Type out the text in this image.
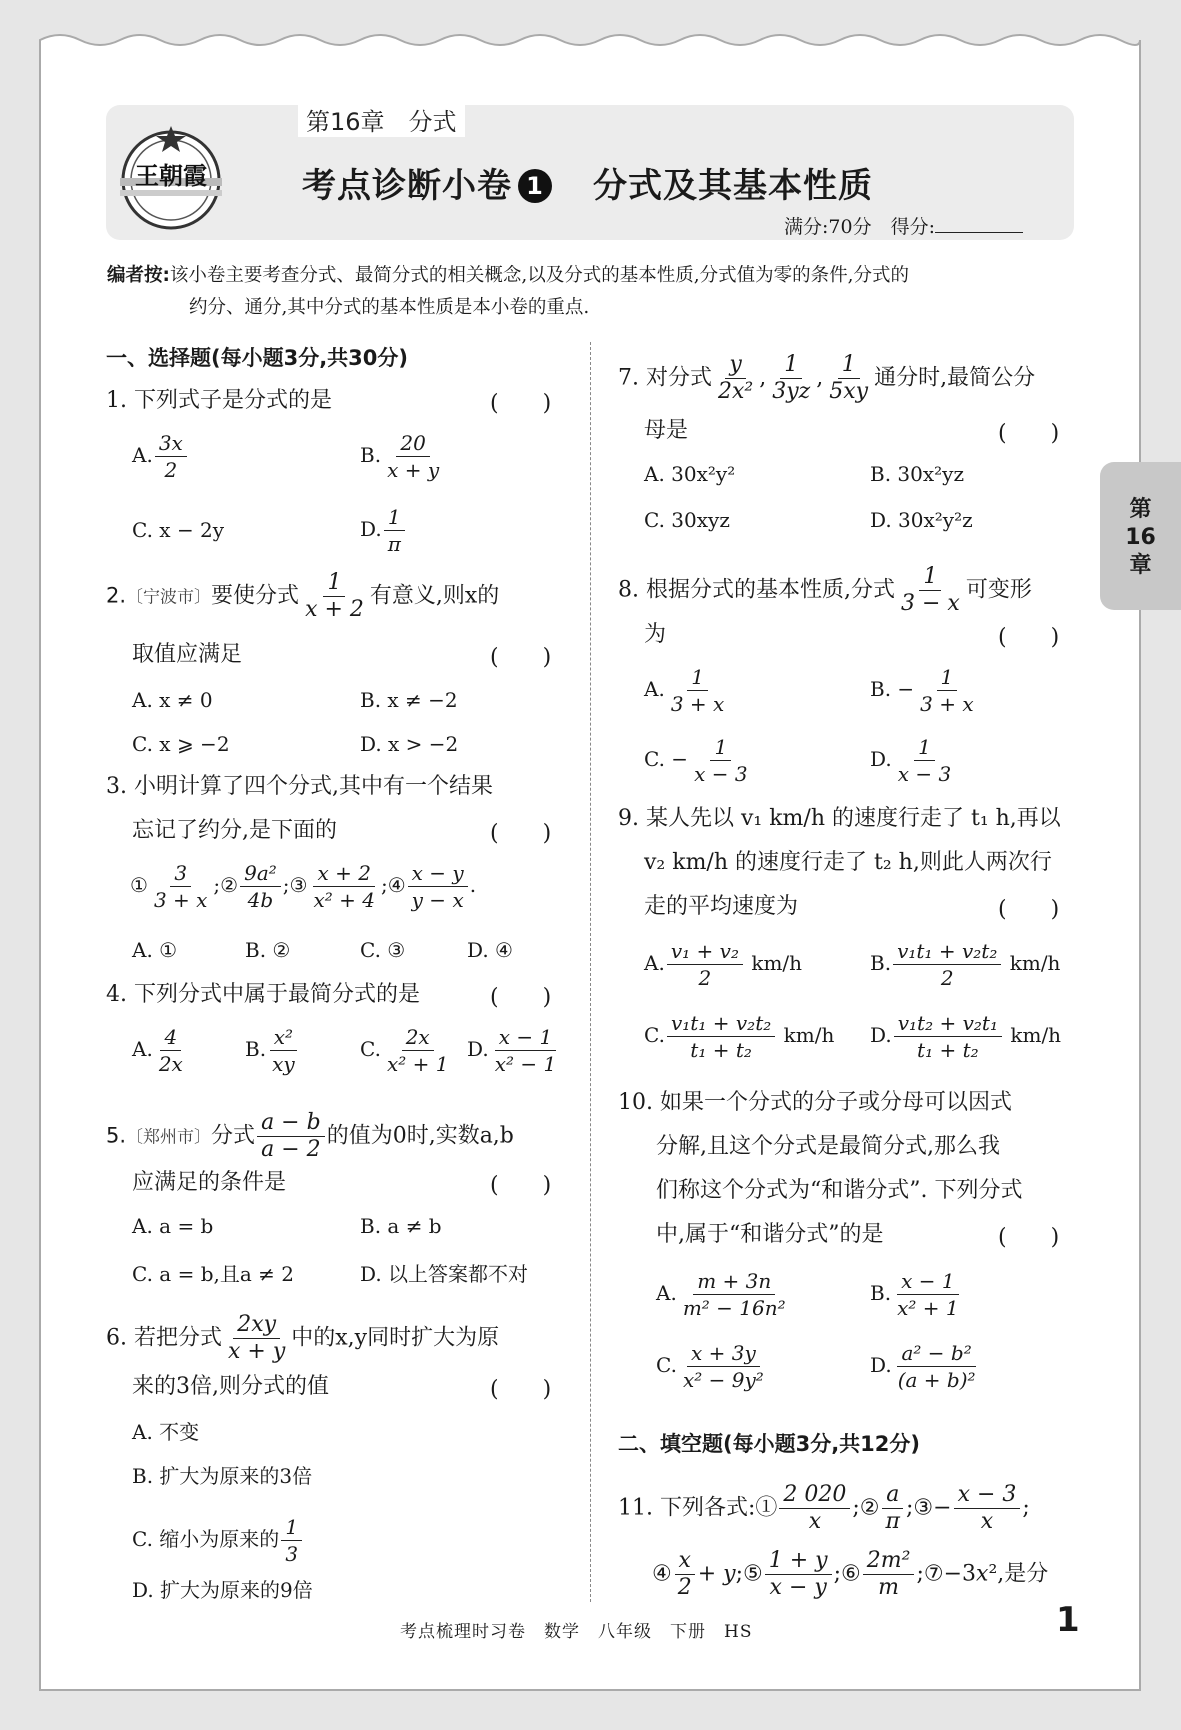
第16章　分式
王朝霞	考点诊断小卷 1　 分式及其基本性质
满分:70分　得分:
编者按:该小卷主要考查分式、最简分式的相关概念,以及分式的基本性质,分式值为零的条件,分式的
约分、通分,其中分式的基本性质是本小卷的重点.
一、选择题(每小题3分,共30分)
1. 下列式子是分式的是	(　　)
A. $\frac{3x}{2}$	B. $\frac{20}{x + y}$
C. x − 2y	D. $\frac{1}{\pi}$
2.〔宁波市〕要使分式 $\frac{1}{x + 2}$ 有意义,则x的
取值应满足	(　　)
A. x ≠ 0	B. x ≠ −2
C. x ⩾ −2	D. x > −2
3. 小明计算了四个分式,其中有一个结果
忘记了约分,是下面的	(　　)
① $\frac{3}{3 + x}$ ;② $\frac{\text{9a²}}{4b}$ ;③ $\frac{x + 2}{\text{x² + 4}}$ ;④ $\frac{x - y}{y - x}$ .
A. ①	B. ②	C. ③	D. ④
4. 下列分式中属于最简分式的是	(　　)
A. $\frac{4}{2x}$	B. $\frac{\text{x²}}{xy}$	C. $\frac{2x}{\text{x² + 1}} D$. $\frac{x - 1}{\text{x² − 1}}$
5.〔郑州市〕分式 $\frac{a - b}{a - 2}$ 的值为0时,实数a,b
应满足的条件是	(　　)
A. a = b	B. a ≠ b
C. a = b,且a ≠ 2	D. 以上答案都不对
6. 若把分式 $\frac{2xy}{x + y}$ 中的x,y同时扩大为原
来的3倍,则分式的值	(　　)
A. 不变
B. 扩大为原来的3倍
C. 缩小为原来的 $\frac{1}{3}$
D. 扩大为原来的9倍
7. 对分式 $\frac{y}{\text{2x²}}$ , $\frac{1}{3yz}$ , $\frac{1}{5xy}$ 通分时,最简公分
母是	(　　)
A. 30x²y²	B. 30x²yz
C. 30xyz	D. 30x²y²z
8. 根据分式的基本性质,分式 $\frac{1}{3 - x}$ 可变形
为	(　　)
A. $\frac{1}{3 + x}$	B. − $\frac{1}{3 + x}$
C. − $\frac{1}{x - 3}$	D. $\frac{1}{x - 3}$
9. 某人先以 v₁ km/h 的速度行走了 t₁ h,再以
v₂ km/h 的速度行走了 t₂ h,则此人两次行
走的平均速度为	(　　)
A. $\frac{\text{v₁ + v₂}}{2} km/h$	B. $\frac{\text{v₁t₁ + v₂t₂}}{2} km/h$
C. $\frac{\text{v₁t₁ + v₂t₂}}{\text{t₁ + t₂}} km/h$ D. $\frac{\text{v₁t₂ + v₂t₁}}{\text{t₁ + t₂}} km/h$
10. 如果一个分式的分子或分母可以因式
分解,且这个分式是最简分式,那么我
们称这个分式为“和谐分式”. 下列分式
中,属于“和谐分式”的是	(　　)
A. $\frac{m + 3n}{\text{m² − 16n²}}$	B. $\frac{x - 1}{\text{x² + 1}}$
C. $\frac{x + 3y}{\text{x² − 9y²}}$	D. $\frac{\text{a² − b²}}{\text{(a + b)²}}$
二、填空题(每小题3分,共12分)
11. 下列各式:① $\frac{2 020}{x}$ ;② $\frac{a}{\pi}$ ;③− $\frac{x - 3}{x}$ ;
④ $\frac{x}{2}$ + y;⑤ $\frac{1 + y}{x - y}$ ;⑥ $\frac{\text{2m²}}{m}$ ;⑦−3x²,是分
第
16
章
考点梳理时习卷　数学　八年级　下册　HS	1
